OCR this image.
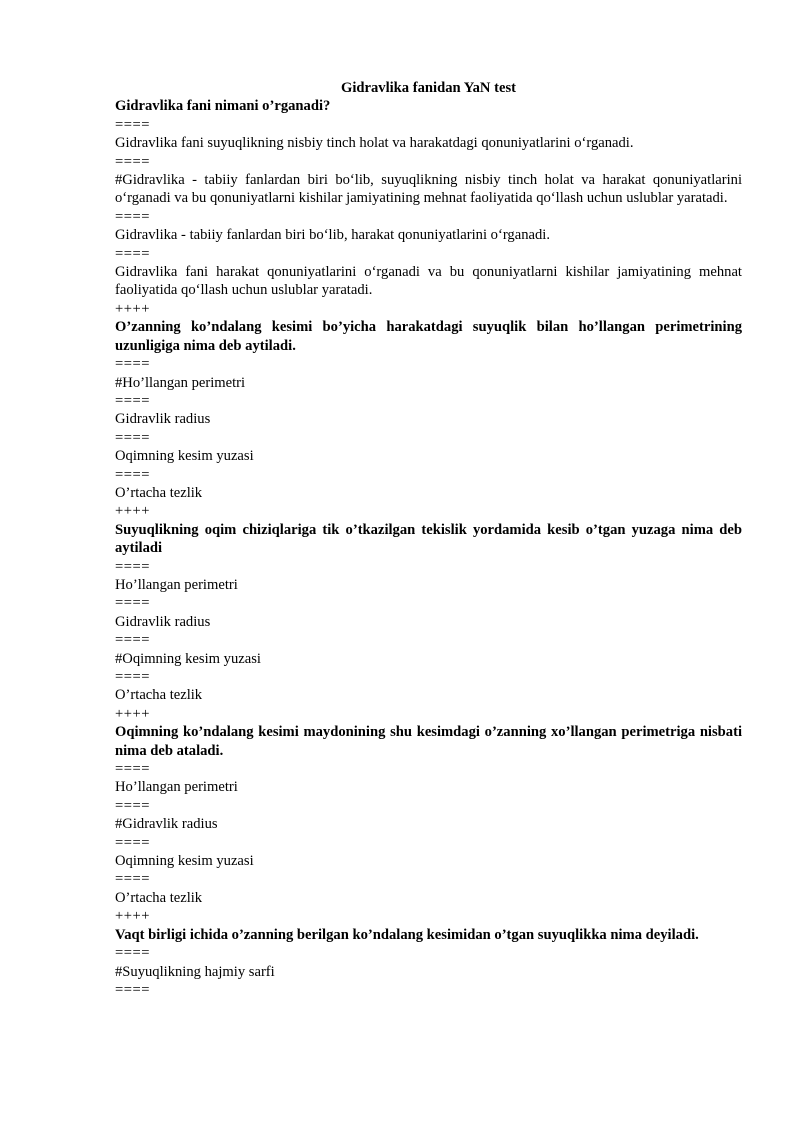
Gidravlika fanidan YaN test

Gidravlika fani nimani o’rganadi?

====

Gidravlika fani suyuqlikning nisbiy tinch holat va harakatdagi qonuniyatlarini o‘rganadi.

====

#Gidravlika - tabiiy fanlardan biri bo‘lib, suyuqlikning nisbiy tinch holat va harakat qonuniyatlarini o‘rganadi va bu qonuniyatlarni kishilar jamiyatining mehnat faoliyatida qo‘llash uchun uslublar yaratadi.

====

Gidravlika - tabiiy fanlardan biri bo‘lib, harakat qonuniyatlarini o‘rganadi.

====

Gidravlika fani harakat qonuniyatlarini o‘rganadi va bu qonuniyatlarni kishilar jamiyatining mehnat faoliyatida qo‘llash uchun uslublar yaratadi.

++++

O’zanning ko’ndalang kesimi bo’yicha harakatdagi suyuqlik bilan ho’llangan perimetrining uzunligiga nima deb aytiladi.

====

#Ho’llangan perimetri

====

Gidravlik radius

====

Oqimning kesim yuzasi

====

O’rtacha tezlik

++++

Suyuqlikning oqim chiziqlariga tik o’tkazilgan tekislik yordamida kesib o’tgan yuzaga nima deb aytiladi

====

Ho’llangan perimetri

====

Gidravlik radius

====

#Oqimning kesim yuzasi

====

O’rtacha tezlik

++++

Oqimning ko’ndalang kesimi maydonining shu kesimdagi o’zanning xo’llangan perimetriga nisbati nima deb ataladi.

====

Ho’llangan perimetri

====

#Gidravlik radius

====

Oqimning kesim yuzasi

====

O’rtacha tezlik

++++

Vaqt birligi ichida o’zanning berilgan ko’ndalang kesimidan o’tgan suyuqlikka nima deyiladi.

====

#Suyuqlikning hajmiy sarfi

====
